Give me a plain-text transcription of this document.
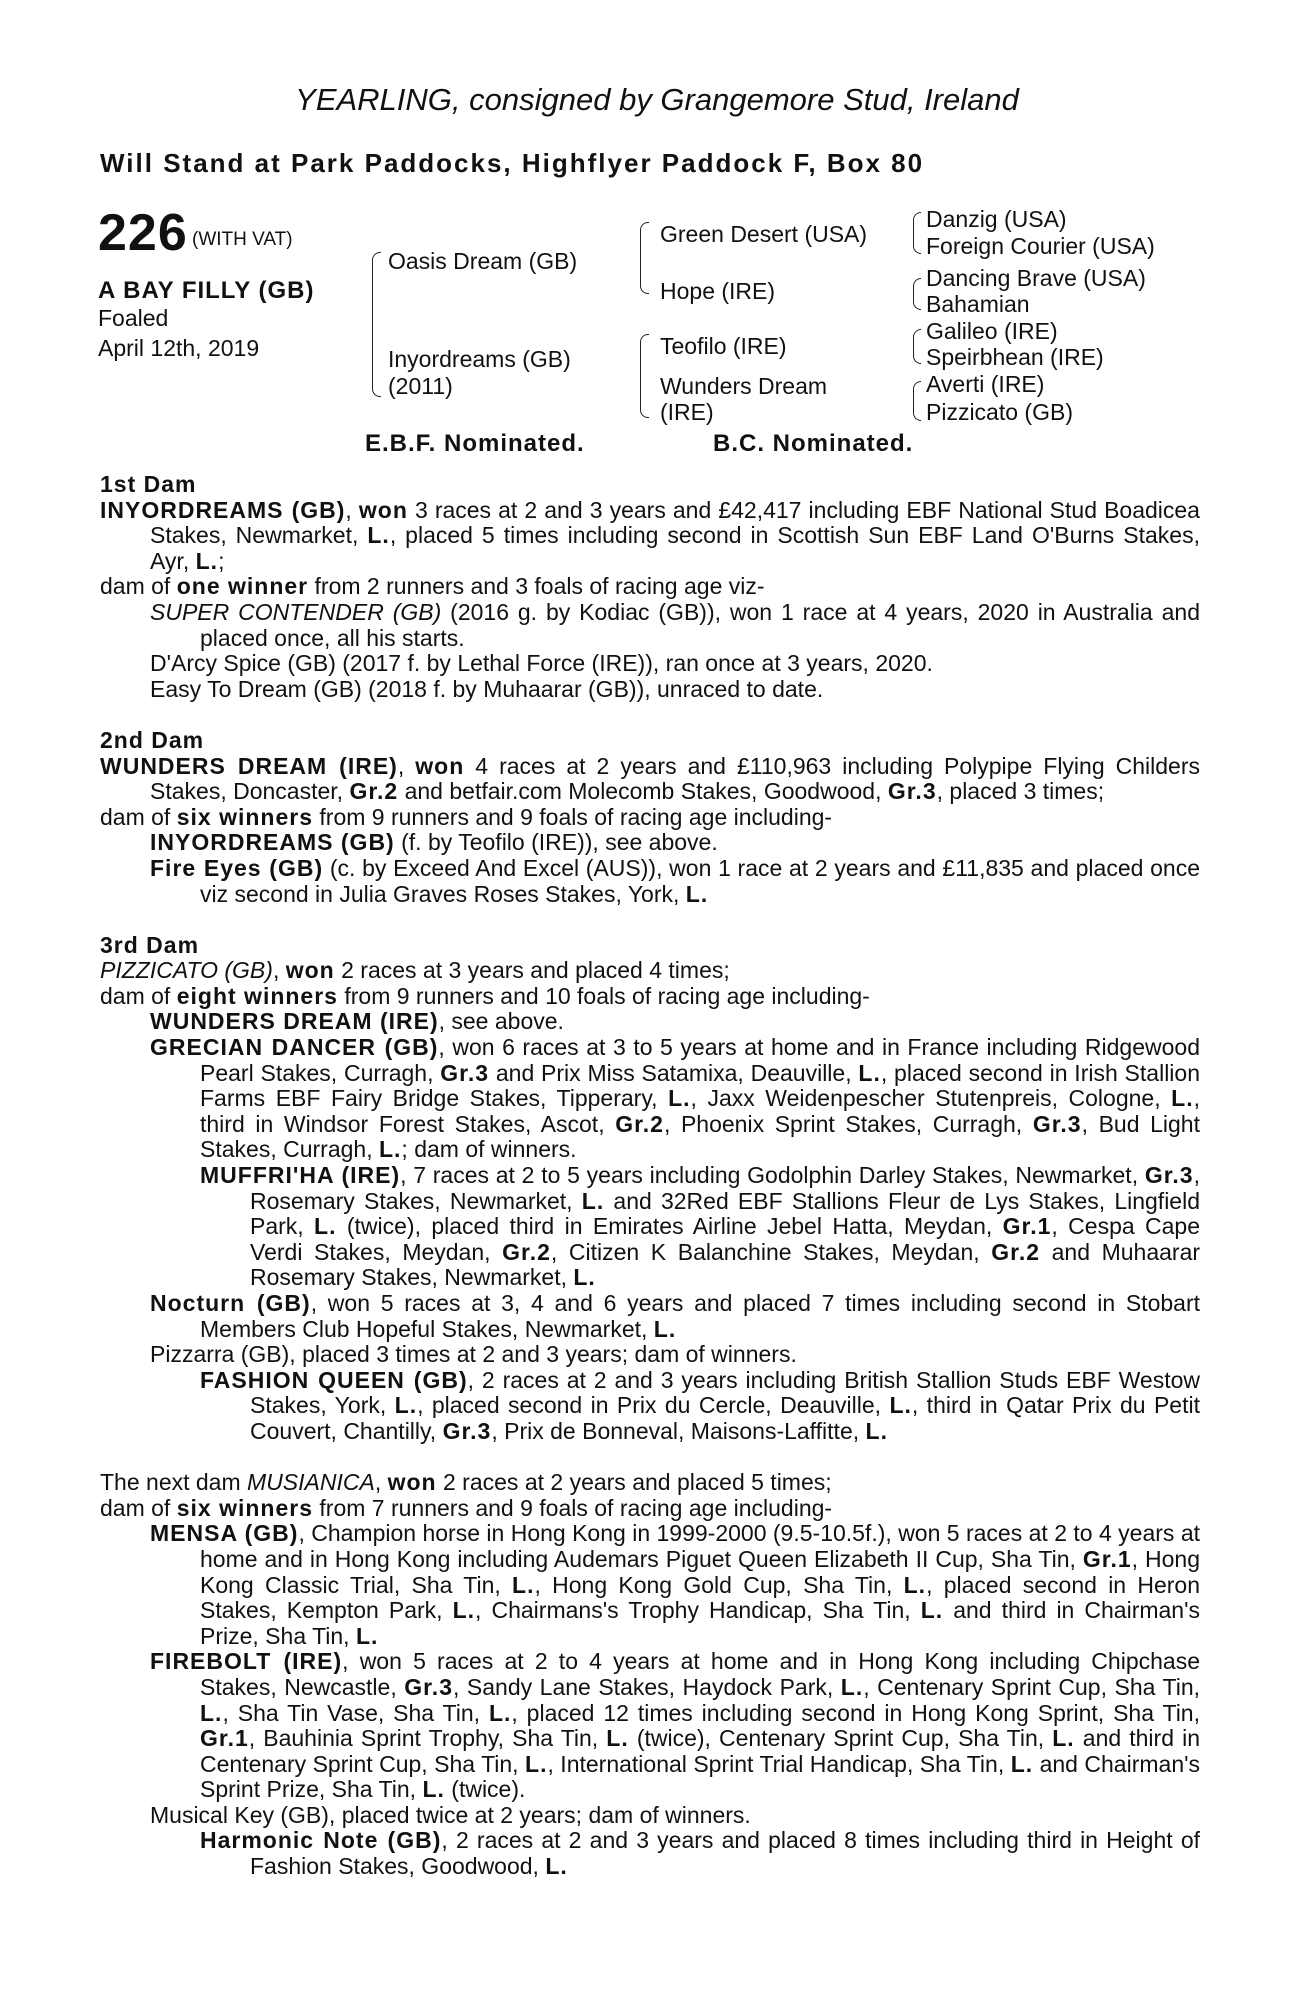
YEARLING, consigned by Grangemore Stud, Ireland
Will Stand at Park Paddocks, Highflyer Paddock F, Box 80
226 (WITH VAT)
A BAY FILLY (GB)
Foaled
April 12th, 2019
Oasis Dream (GB)
Inyordreams (GB)
(2011)
Green Desert (USA)
Hope (IRE)
Teofilo (IRE)
Wunders Dream
(IRE)
Danzig (USA)
Foreign Courier (USA)
Dancing Brave (USA)
Bahamian
Galileo (IRE)
Speirbhean (IRE)
Averti (IRE)
Pizzicato (GB)
E.B.F. Nominated.	B.C. Nominated.

1st Dam

INYORDREAMS (GB), won 3 races at 2 and 3 years and £42,417 including EBF National Stud Boadicea Stakes, Newmarket, L., placed 5 times including second in Scottish Sun EBF Land O'Burns Stakes, Ayr, L.;

dam of one winner from 2 runners and 3 foals of racing age viz-

SUPER CONTENDER (GB) (2016 g. by Kodiac (GB)), won 1 race at 4 years, 2020 in Australia and placed once, all his starts.

D'Arcy Spice (GB) (2017 f. by Lethal Force (IRE)), ran once at 3 years, 2020.

Easy To Dream (GB) (2018 f. by Muhaarar (GB)), unraced to date.

2nd Dam

WUNDERS DREAM (IRE), won 4 races at 2 years and £110,963 including Polypipe Flying Childers Stakes, Doncaster, Gr.2 and betfair.com Molecomb Stakes, Goodwood, Gr.3, placed 3 times;

dam of six winners from 9 runners and 9 foals of racing age including-

INYORDREAMS (GB) (f. by Teofilo (IRE)), see above.

Fire Eyes (GB) (c. by Exceed And Excel (AUS)), won 1 race at 2 years and £11,835 and placed once viz second in Julia Graves Roses Stakes, York, L.

3rd Dam

PIZZICATO (GB), won 2 races at 3 years and placed 4 times;

dam of eight winners from 9 runners and 10 foals of racing age including-

WUNDERS DREAM (IRE), see above.

GRECIAN DANCER (GB), won 6 races at 3 to 5 years at home and in France including Ridgewood Pearl Stakes, Curragh, Gr.3 and Prix Miss Satamixa, Deauville, L., placed second in Irish Stallion Farms EBF Fairy Bridge Stakes, Tipperary, L., Jaxx Weidenpescher Stutenpreis, Cologne, L., third in Windsor Forest Stakes, Ascot, Gr.2, Phoenix Sprint Stakes, Curragh, Gr.3, Bud Light Stakes, Curragh, L.; dam of winners.

MUFFRI'HA (IRE), 7 races at 2 to 5 years including Godolphin Darley Stakes, Newmarket, Gr.3, Rosemary Stakes, Newmarket, L. and 32Red EBF Stallions Fleur de Lys Stakes, Lingfield Park, L. (twice), placed third in Emirates Airline Jebel Hatta, Meydan, Gr.1, Cespa Cape Verdi Stakes, Meydan, Gr.2, Citizen K Balanchine Stakes, Meydan, Gr.2 and Muhaarar Rosemary Stakes, Newmarket, L.

Nocturn (GB), won 5 races at 3, 4 and 6 years and placed 7 times including second in Stobart Members Club Hopeful Stakes, Newmarket, L.

Pizzarra (GB), placed 3 times at 2 and 3 years; dam of winners.

FASHION QUEEN (GB), 2 races at 2 and 3 years including British Stallion Studs EBF Westow Stakes, York, L., placed second in Prix du Cercle, Deauville, L., third in Qatar Prix du Petit Couvert, Chantilly, Gr.3, Prix de Bonneval, Maisons-Laffitte, L.

The next dam MUSIANICA, won 2 races at 2 years and placed 5 times;

dam of six winners from 7 runners and 9 foals of racing age including-

MENSA (GB), Champion horse in Hong Kong in 1999-2000 (9.5-10.5f.), won 5 races at 2 to 4 years at home and in Hong Kong including Audemars Piguet Queen Elizabeth II Cup, Sha Tin, Gr.1, Hong Kong Classic Trial, Sha Tin, L., Hong Kong Gold Cup, Sha Tin, L., placed second in Heron Stakes, Kempton Park, L., Chairmans's Trophy Handicap, Sha Tin, L. and third in Chairman's Prize, Sha Tin, L.

FIREBOLT (IRE), won 5 races at 2 to 4 years at home and in Hong Kong including Chipchase Stakes, Newcastle, Gr.3, Sandy Lane Stakes, Haydock Park, L., Centenary Sprint Cup, Sha Tin, L., Sha Tin Vase, Sha Tin, L., placed 12 times including second in Hong Kong Sprint, Sha Tin, Gr.1, Bauhinia Sprint Trophy, Sha Tin, L. (twice), Centenary Sprint Cup, Sha Tin, L. and third in Centenary Sprint Cup, Sha Tin, L., International Sprint Trial Handicap, Sha Tin, L. and Chairman's Sprint Prize, Sha Tin, L. (twice).

Musical Key (GB), placed twice at 2 years; dam of winners.

Harmonic Note (GB), 2 races at 2 and 3 years and placed 8 times including third in Height of Fashion Stakes, Goodwood, L.
